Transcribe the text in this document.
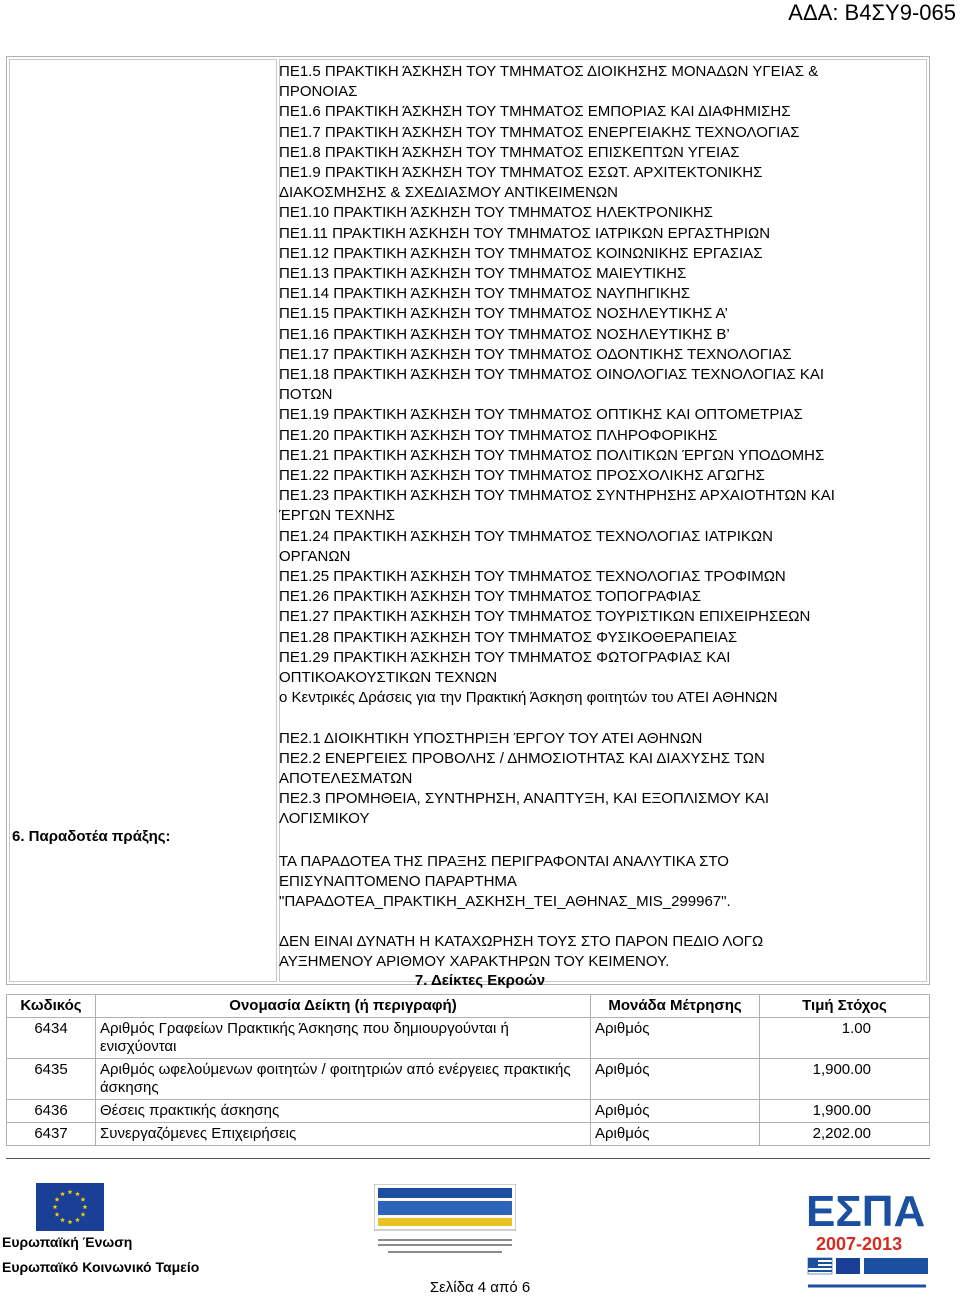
ΑΔΑ: Β4ΣΥ9-065
6. Παραδοτέα πράξης:
ΠΕ1.5 ΠΡΑΚΤΙΚΗ ΆΣΚΗΣΗ ΤΟΥ ΤΜΗΜΑΤΟΣ ΔΙΟΙΚΗΣΗΣ ΜΟΝΑΔΩΝ ΥΓΕΙΑΣ &
ΠΡΟΝΟΙΑΣ
ΠΕ1.6 ΠΡΑΚΤΙΚΗ ΆΣΚΗΣΗ ΤΟΥ ΤΜΗΜΑΤΟΣ ΕΜΠΟΡΙΑΣ ΚΑΙ ΔΙΑΦΗΜΙΣΗΣ
ΠΕ1.7 ΠΡΑΚΤΙΚΗ ΆΣΚΗΣΗ ΤΟΥ ΤΜΗΜΑΤΟΣ ΕΝΕΡΓΕΙΑΚΗΣ ΤΕΧΝΟΛΟΓΙΑΣ
ΠΕ1.8 ΠΡΑΚΤΙΚΗ ΆΣΚΗΣΗ ΤΟΥ ΤΜΗΜΑΤΟΣ ΕΠΙΣΚΕΠΤΩΝ ΥΓΕΙΑΣ
ΠΕ1.9 ΠΡΑΚΤΙΚΗ ΆΣΚΗΣΗ ΤΟΥ ΤΜΗΜΑΤΟΣ ΕΣΩΤ. ΑΡΧΙΤΕΚΤΟΝΙΚΗΣ
ΔΙΑΚΟΣΜΗΣΗΣ & ΣΧΕΔΙΑΣΜΟΥ ΑΝΤΙΚΕΙΜΕΝΩΝ
ΠΕ1.10 ΠΡΑΚΤΙΚΗ ΆΣΚΗΣΗ ΤΟΥ ΤΜΗΜΑΤΟΣ ΗΛΕΚΤΡΟΝΙΚΗΣ
ΠΕ1.11 ΠΡΑΚΤΙΚΗ ΆΣΚΗΣΗ ΤΟΥ ΤΜΗΜΑΤΟΣ ΙΑΤΡΙΚΩΝ ΕΡΓΑΣΤΗΡΙΩΝ
ΠΕ1.12 ΠΡΑΚΤΙΚΗ ΆΣΚΗΣΗ ΤΟΥ ΤΜΗΜΑΤΟΣ ΚΟΙΝΩΝΙΚΗΣ ΕΡΓΑΣΙΑΣ
ΠΕ1.13 ΠΡΑΚΤΙΚΗ ΆΣΚΗΣΗ ΤΟΥ ΤΜΗΜΑΤΟΣ ΜΑΙΕΥΤΙΚΗΣ
ΠΕ1.14 ΠΡΑΚΤΙΚΗ ΆΣΚΗΣΗ ΤΟΥ ΤΜΗΜΑΤΟΣ ΝΑΥΠΗΓΙΚΗΣ
ΠΕ1.15 ΠΡΑΚΤΙΚΗ ΆΣΚΗΣΗ ΤΟΥ ΤΜΗΜΑΤΟΣ ΝΟΣΗΛΕΥΤΙΚΗΣ Α’
ΠΕ1.16 ΠΡΑΚΤΙΚΗ ΆΣΚΗΣΗ ΤΟΥ ΤΜΗΜΑΤΟΣ ΝΟΣΗΛΕΥΤΙΚΗΣ Β’
ΠΕ1.17 ΠΡΑΚΤΙΚΗ ΆΣΚΗΣΗ ΤΟΥ ΤΜΗΜΑΤΟΣ ΟΔΟΝΤΙΚΗΣ ΤΕΧΝΟΛΟΓΙΑΣ
ΠΕ1.18 ΠΡΑΚΤΙΚΗ ΆΣΚΗΣΗ ΤΟΥ ΤΜΗΜΑΤΟΣ ΟΙΝΟΛΟΓΙΑΣ ΤΕΧΝΟΛΟΓΙΑΣ ΚΑΙ
ΠΟΤΩΝ
ΠΕ1.19 ΠΡΑΚΤΙΚΗ ΆΣΚΗΣΗ ΤΟΥ ΤΜΗΜΑΤΟΣ ΟΠΤΙΚΗΣ ΚΑΙ ΟΠΤΟΜΕΤΡΙΑΣ
ΠΕ1.20 ΠΡΑΚΤΙΚΗ ΆΣΚΗΣΗ ΤΟΥ ΤΜΗΜΑΤΟΣ ΠΛΗΡΟΦΟΡΙΚΗΣ
ΠΕ1.21 ΠΡΑΚΤΙΚΗ ΆΣΚΗΣΗ ΤΟΥ ΤΜΗΜΑΤΟΣ ΠΟΛΙΤΙΚΩΝ ΈΡΓΩΝ ΥΠΟΔΟΜΗΣ
ΠΕ1.22 ΠΡΑΚΤΙΚΗ ΆΣΚΗΣΗ ΤΟΥ ΤΜΗΜΑΤΟΣ ΠΡΟΣΧΟΛΙΚΗΣ ΑΓΩΓΗΣ
ΠΕ1.23 ΠΡΑΚΤΙΚΗ ΆΣΚΗΣΗ ΤΟΥ ΤΜΗΜΑΤΟΣ ΣΥΝΤΗΡΗΣΗΣ ΑΡΧΑΙΟΤΗΤΩΝ ΚΑΙ
ΈΡΓΩΝ ΤΕΧΝΗΣ
ΠΕ1.24 ΠΡΑΚΤΙΚΗ ΆΣΚΗΣΗ ΤΟΥ ΤΜΗΜΑΤΟΣ ΤΕΧΝΟΛΟΓΙΑΣ ΙΑΤΡΙΚΩΝ
ΟΡΓΑΝΩΝ
ΠΕ1.25 ΠΡΑΚΤΙΚΗ ΆΣΚΗΣΗ ΤΟΥ ΤΜΗΜΑΤΟΣ ΤΕΧΝΟΛΟΓΙΑΣ ΤΡΟΦΙΜΩΝ
ΠΕ1.26 ΠΡΑΚΤΙΚΗ ΆΣΚΗΣΗ ΤΟΥ ΤΜΗΜΑΤΟΣ ΤΟΠΟΓΡΑΦΙΑΣ
ΠΕ1.27 ΠΡΑΚΤΙΚΗ ΆΣΚΗΣΗ ΤΟΥ ΤΜΗΜΑΤΟΣ ΤΟΥΡΙΣΤΙΚΩΝ ΕΠΙΧΕΙΡΗΣΕΩΝ
ΠΕ1.28 ΠΡΑΚΤΙΚΗ ΆΣΚΗΣΗ ΤΟΥ ΤΜΗΜΑΤΟΣ ΦΥΣΙΚΟΘΕΡΑΠΕΙΑΣ
ΠΕ1.29 ΠΡΑΚΤΙΚΗ ΆΣΚΗΣΗ ΤΟΥ ΤΜΗΜΑΤΟΣ ΦΩΤΟΓΡΑΦΙΑΣ ΚΑΙ
ΟΠΤΙΚΟΑΚΟΥΣΤΙΚΩΝ ΤΕΧΝΩΝ
ο Κεντρικές Δράσεις για την Πρακτική Άσκηση φοιτητών του ΑΤΕΙ ΑΘΗΝΩΝ
ΠΕ2.1 ΔΙΟΙΚΗΤΙΚΗ ΥΠΟΣΤΗΡΙΞΗ ΈΡΓΟΥ ΤΟΥ ΑΤΕΙ ΑΘΗΝΩΝ
ΠΕ2.2 ΕΝΕΡΓΕΙΕΣ ΠΡΟΒΟΛΗΣ / ΔΗΜΟΣΙΟΤΗΤΑΣ ΚΑΙ ΔΙΑΧΥΣΗΣ ΤΩΝ
ΑΠΟΤΕΛΕΣΜΑΤΩΝ
ΠΕ2.3 ΠΡΟΜΗΘΕΙΑ, ΣΥΝΤΗΡΗΣΗ, ΑΝΑΠΤΥΞΗ, ΚΑΙ ΕΞΟΠΛΙΣΜΟΥ ΚΑΙ
ΛΟΓΙΣΜΙΚΟΥ
ΤΑ ΠΑΡΑΔΟΤΕΑ ΤΗΣ ΠΡΑΞΗΣ ΠΕΡΙΓΡΑΦΟΝΤΑΙ ΑΝΑΛΥΤΙΚΑ ΣΤΟ
ΕΠΙΣΥΝΑΠΤΟΜΕΝΟ ΠΑΡΑΡΤΗΜΑ
"ΠΑΡΑΔΟΤΕΑ_ΠΡΑΚΤΙΚΗ_ΑΣΚΗΣΗ_ΤΕΙ_ΑΘΗΝΑΣ_MIS_299967".
ΔΕΝ ΕΙΝΑΙ ΔΥΝΑΤΗ Η ΚΑΤΑΧΩΡΗΣΗ ΤΟΥΣ ΣΤΟ ΠΑΡΟΝ ΠΕΔΙΟ ΛΟΓΩ
ΑΥΞΗΜΕΝΟΥ ΑΡΙΘΜΟΥ ΧΑΡΑΚΤΗΡΩΝ ΤΟΥ ΚΕΙΜΕΝΟΥ.
7. Δείκτες Εκροών
Κωδικός	Ονομασία Δείκτη (ή περιγραφή)	Μονάδα Μέτρησης	Τιμή Στόχος
6434	Αριθμός Γραφείων Πρακτικής Άσκησης που δημιουργούνται ή ενισχύονται	Αριθμός	1.00
6435	Αριθμός ωφελούμενων φοιτητών / φοιτητριών από ενέργειες πρακτικής άσκησης	Αριθμός	1,900.00
6436	Θέσεις πρακτικής άσκησης	Αριθμός	1,900.00
6437	Συνεργαζόμενες Επιχειρήσεις	Αριθμός	2,202.00
Ευρωπαϊκή Ένωση
Ευρωπαϊκό Κοινωνικό Ταμείο
ΕΣΠΑ
2007-2013
Σελίδα 4 από 6
